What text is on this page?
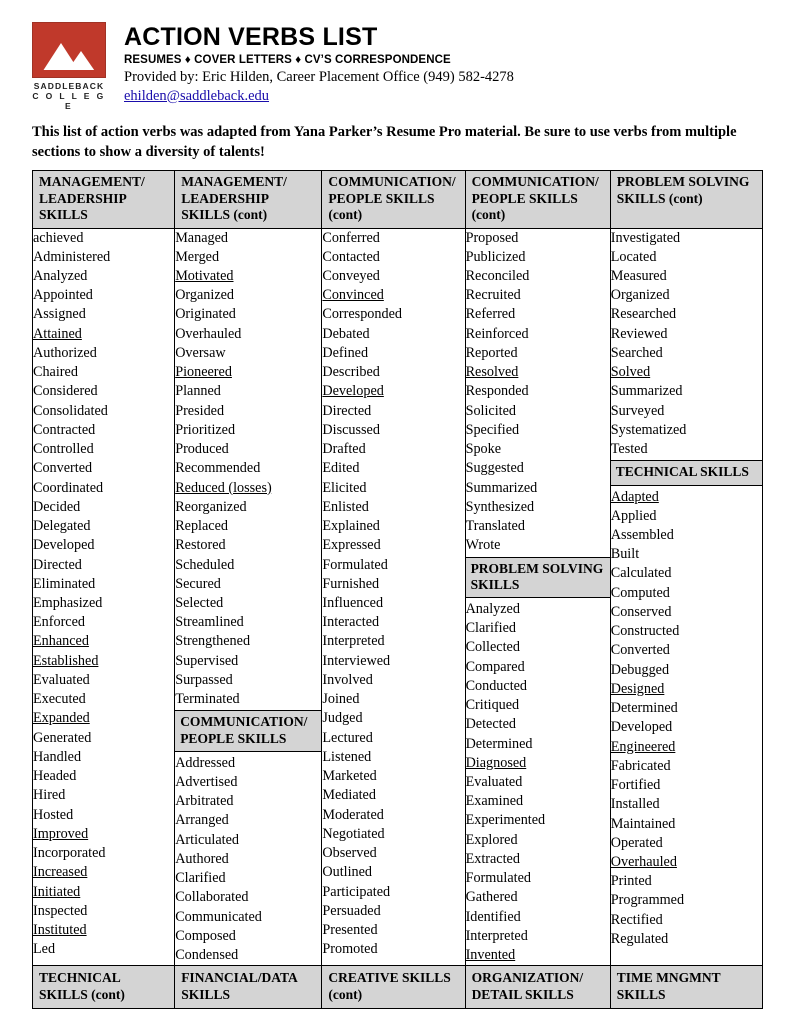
SADDLEBACK
C O L L E G E
ACTION VERBS LIST
RESUMES ♦ COVER LETTERS ♦ CV’S CORRESPONDENCE
Provided by: Eric Hilden, Career Placement Office (949) 582-4278
ehilden@saddleback.edu
This list of action verbs was adapted from Yana Parker’s Resume Pro material. Be sure to use verbs from multiple sections to show a diversity of talents!
MANAGEMENT/ LEADERSHIP SKILLS	MANAGEMENT/ LEADERSHIP SKILLS (cont)	COMMUNICATION/ PEOPLE SKILLS (cont)	COMMUNICATION/ PEOPLE SKILLS (cont)	PROBLEM SOLVING SKILLS (cont)

achieved
Administered
Analyzed
Appointed
Assigned
Attained
Authorized
Chaired
Considered
Consolidated
Contracted
Controlled
Converted
Coordinated
Decided
Delegated
Developed
Directed
Eliminated
Emphasized
Enforced
Enhanced
Established
Evaluated
Executed
Expanded
Generated
Handled
Headed
Hired
Hosted
Improved
Incorporated
Increased
Initiated
Inspected
Instituted
Led

Managed
Merged
Motivated
Organized
Originated
Overhauled
Oversaw
Pioneered
Planned
Presided
Prioritized
Produced
Recommended
Reduced (losses)
Reorganized
Replaced
Restored
Scheduled
Secured
Selected
Streamlined
Strengthened
Supervised
Surpassed
Terminated
COMMUNICATION/ PEOPLE SKILLS
Addressed
Advertised
Arbitrated
Arranged
Articulated
Authored
Clarified
Collaborated
Communicated
Composed
Condensed

Conferred
Contacted
Conveyed
Convinced
Corresponded
Debated
Defined
Described
Developed
Directed
Discussed
Drafted
Edited
Elicited
Enlisted
Explained
Expressed
Formulated
Furnished
Influenced
Interacted
Interpreted
Interviewed
Involved
Joined
Judged
Lectured
Listened
Marketed
Mediated
Moderated
Negotiated
Observed
Outlined
Participated
Persuaded
Presented
Promoted

Proposed
Publicized
Reconciled
Recruited
Referred
Reinforced
Reported
Resolved
Responded
Solicited
Specified
Spoke
Suggested
Summarized
Synthesized
Translated
Wrote
PROBLEM SOLVING SKILLS
Analyzed
Clarified
Collected
Compared
Conducted
Critiqued
Detected
Determined
Diagnosed
Evaluated
Examined
Experimented
Explored
Extracted
Formulated
Gathered
Identified
Interpreted
Invented

Investigated
Located
Measured
Organized
Researched
Reviewed
Searched
Solved
Summarized
Surveyed
Systematized
Tested
TECHNICAL SKILLS
Adapted
Applied
Assembled
Built
Calculated
Computed
Conserved
Constructed
Converted
Debugged
Designed
Determined
Developed
Engineered
Fabricated
Fortified
Installed
Maintained
Operated
Overhauled
Printed
Programmed
Rectified
Regulated

TECHNICAL SKILLS (cont)	FINANCIAL/DATA SKILLS	CREATIVE SKILLS (cont)	ORGANIZATION/ DETAIL SKILLS	TIME MNGMNT SKILLS
